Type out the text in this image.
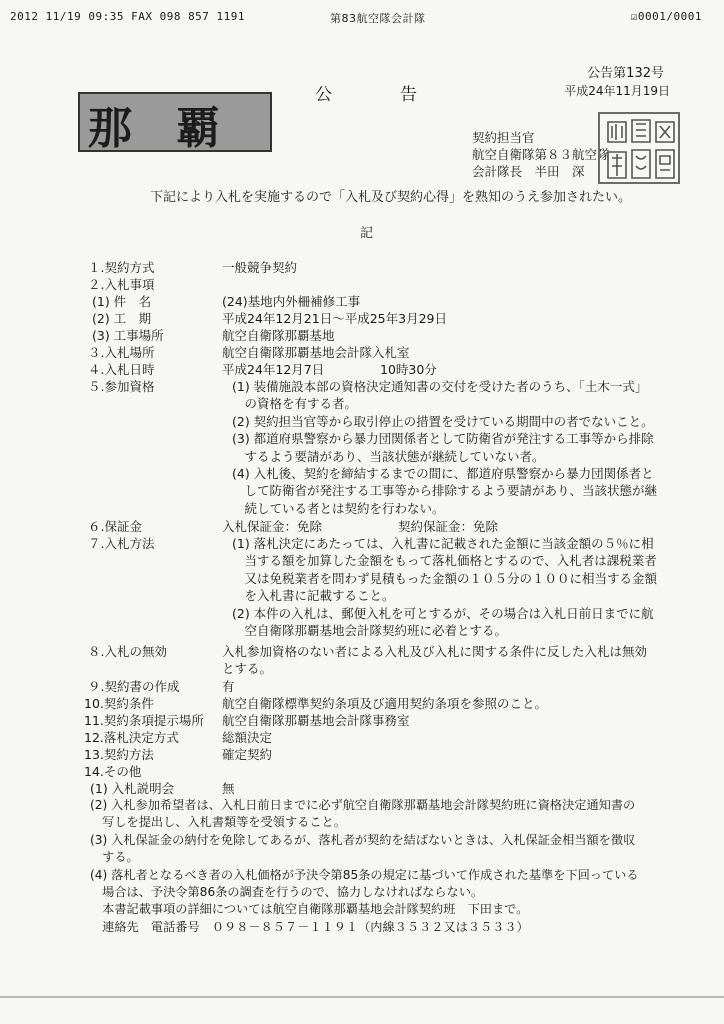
2012 11/19 09:35 FAX 098 857 1191	第83航空隊会計隊	☑0001/0001
公告第132号
公告	平成24年11月19日
那覇	契約担当官
航空自衛隊第８３航空隊
会計隊長　半田　深
下記により入札を実施するので「入札及び契約心得」を熟知のうえ参加されたい。
記
１.契約方式	一般競争契約
２.入札事項
(1) 件　名	(24)基地内外柵補修工事
(2) 工　期	平成24年12月21日～平成25年3月29日
(3) 工事場所	航空自衛隊那覇基地
３.入札場所	航空自衛隊那覇基地会計隊入札室
４.入札日時	平成24年12月7日	10時30分
５.参加資格	(1) 装備施設本部の資格決定通知書の交付を受けた者のうち、「土木一式」
　の資格を有する者。
(2) 契約担当官等から取引停止の措置を受けている期間中の者でないこと。
(3) 都道府県警察から暴力団関係者として防衛省が発注する工事等から排除
　するよう要請があり、当該状態が継続していない者。
(4) 入札後、契約を締結するまでの間に、都道府県警察から暴力団関係者と
　して防衛省が発注する工事等から排除するよう要請があり、当該状態が継
　続している者とは契約を行わない。
６.保証金	入札保証金：免除	契約保証金：免除
７.入札方法	(1) 落札決定にあたっては、入札書に記載された金額に当該金額の５％に相
　当する額を加算した金額をもって落札価格とするので、入札者は課税業者
　又は免税業者を問わず見積もった金額の１０５分の１００に相当する金額
　を入札書に記載すること。
(2) 本件の入札は、郵便入札を可とするが、その場合は入札日前日までに航
　空自衛隊那覇基地会計隊契約班に必着とする。
８.入札の無効	入札参加資格のない者による入札及び入札に関する条件に反した入札は無効
とする。
９.契約書の作成	有
10.契約条件	航空自衛隊標準契約条項及び適用契約条項を参照のこと。
11.契約条項提示場所 航空自衛隊那覇基地会計隊事務室
12.落札決定方式	総額決定
13.契約方法	確定契約
14.その他
(1) 入札説明会	無
(2) 入札参加希望者は、入札日前日までに必ず航空自衛隊那覇基地会計隊契約班に資格決定通知書の
　写しを提出し、入札書類等を受領すること。
(3) 入札保証金の納付を免除してあるが、落札者が契約を結ばないときは、入札保証金相当額を徴収
　する。
(4) 落札者となるべき者の入札価格が予決令第85条の規定に基づいて作成された基準を下回っている
　場合は、予決令第86条の調査を行うので、協力しなければならない。
　本書記載事項の詳細については航空自衛隊那覇基地会計隊契約班　下田まで。
　連絡先　電話番号　０９８－８５７－１１９１（内線３５３２又は３５３３）
